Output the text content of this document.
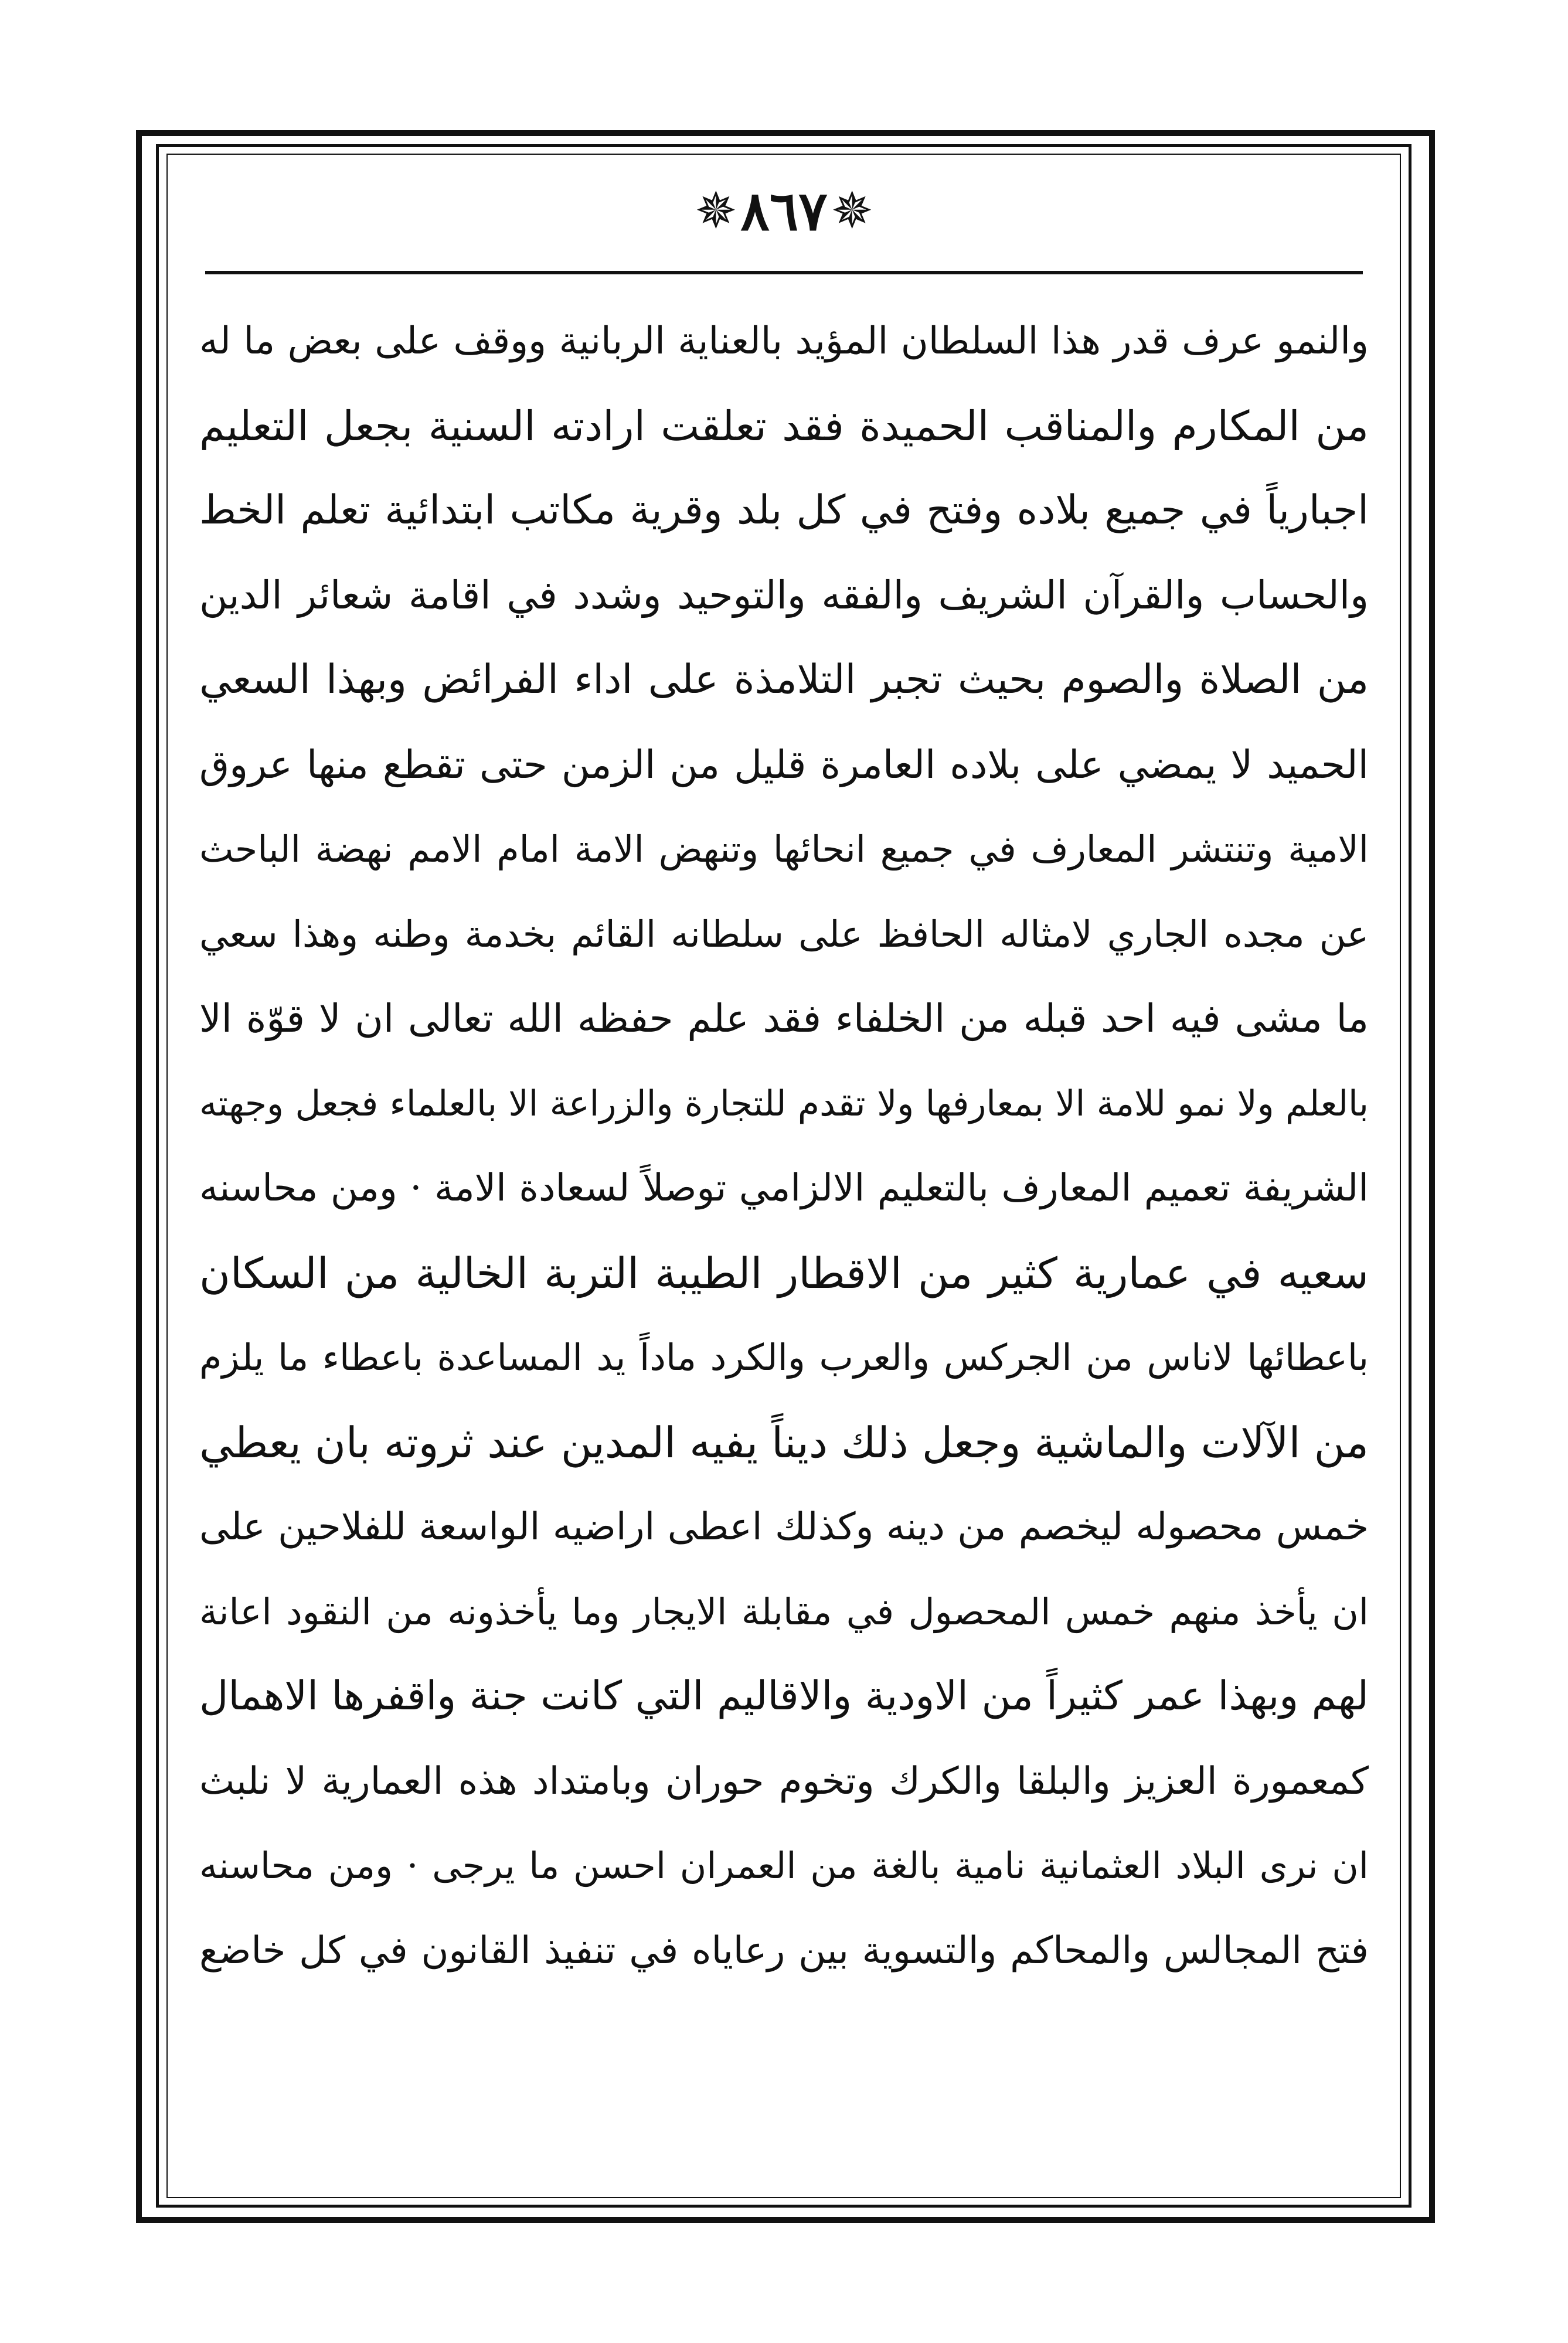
✵
٨٦٧
✵
والنمو عرف قدر هذا السلطان المؤيد بالعناية الربانية ووقف على بعض ما له
من المكارم والمناقب الحميدة فقد تعلقت ارادته السنية بجعل التعليم
اجبارياً في جميع بلاده وفتح في كل بلد وقرية مكاتب ابتدائية تعلم الخط
والحساب والقرآن الشريف والفقه والتوحيد وشدد في اقامة شعائر الدين
من الصلاة والصوم بحيث تجبر التلامذة على اداء الفرائض وبهذا السعي
الحميد لا يمضي على بلاده العامرة قليل من الزمن حتى تقطع منها عروق
الامية وتنتشر المعارف في جميع انحائها وتنهض الامة امام الامم نهضة الباحث
عن مجده الجاري لامثاله الحافظ على سلطانه القائم بخدمة وطنه وهذا سعي
ما مشى فيه احد قبله من الخلفاء فقد علم حفظه الله تعالى ان لا قوّة الا
بالعلم ولا نمو للامة الا بمعارفها ولا تقدم للتجارة والزراعة الا بالعلماء فجعل وجهته
الشريفة تعميم المعارف بالتعليم الالزامي توصلاً لسعادة الامة · ومن محاسنه
سعيه في عمارية كثير من الاقطار الطيبة التربة الخالية من السكان
باعطائها لاناس من الجركس والعرب والكرد ماداً يد المساعدة باعطاء ما يلزم
من الآلات والماشية وجعل ذلك ديناً يفيه المدين عند ثروته بان يعطي
خمس محصوله ليخصم من دينه وكذلك اعطى اراضيه الواسعة للفلاحين على
ان يأخذ منهم خمس المحصول في مقابلة الايجار وما يأخذونه من النقود اعانة
لهم وبهذا عمر كثيراً من الاودية والاقاليم التي كانت جنة واقفرها الاهمال
كمعمورة العزيز والبلقا والكرك وتخوم حوران وبامتداد هذه العمارية لا نلبث
ان نرى البلاد العثمانية نامية بالغة من العمران احسن ما يرجى · ومن محاسنه
فتح المجالس والمحاكم والتسوية بين رعاياه في تنفيذ القانون في كل خاضع
